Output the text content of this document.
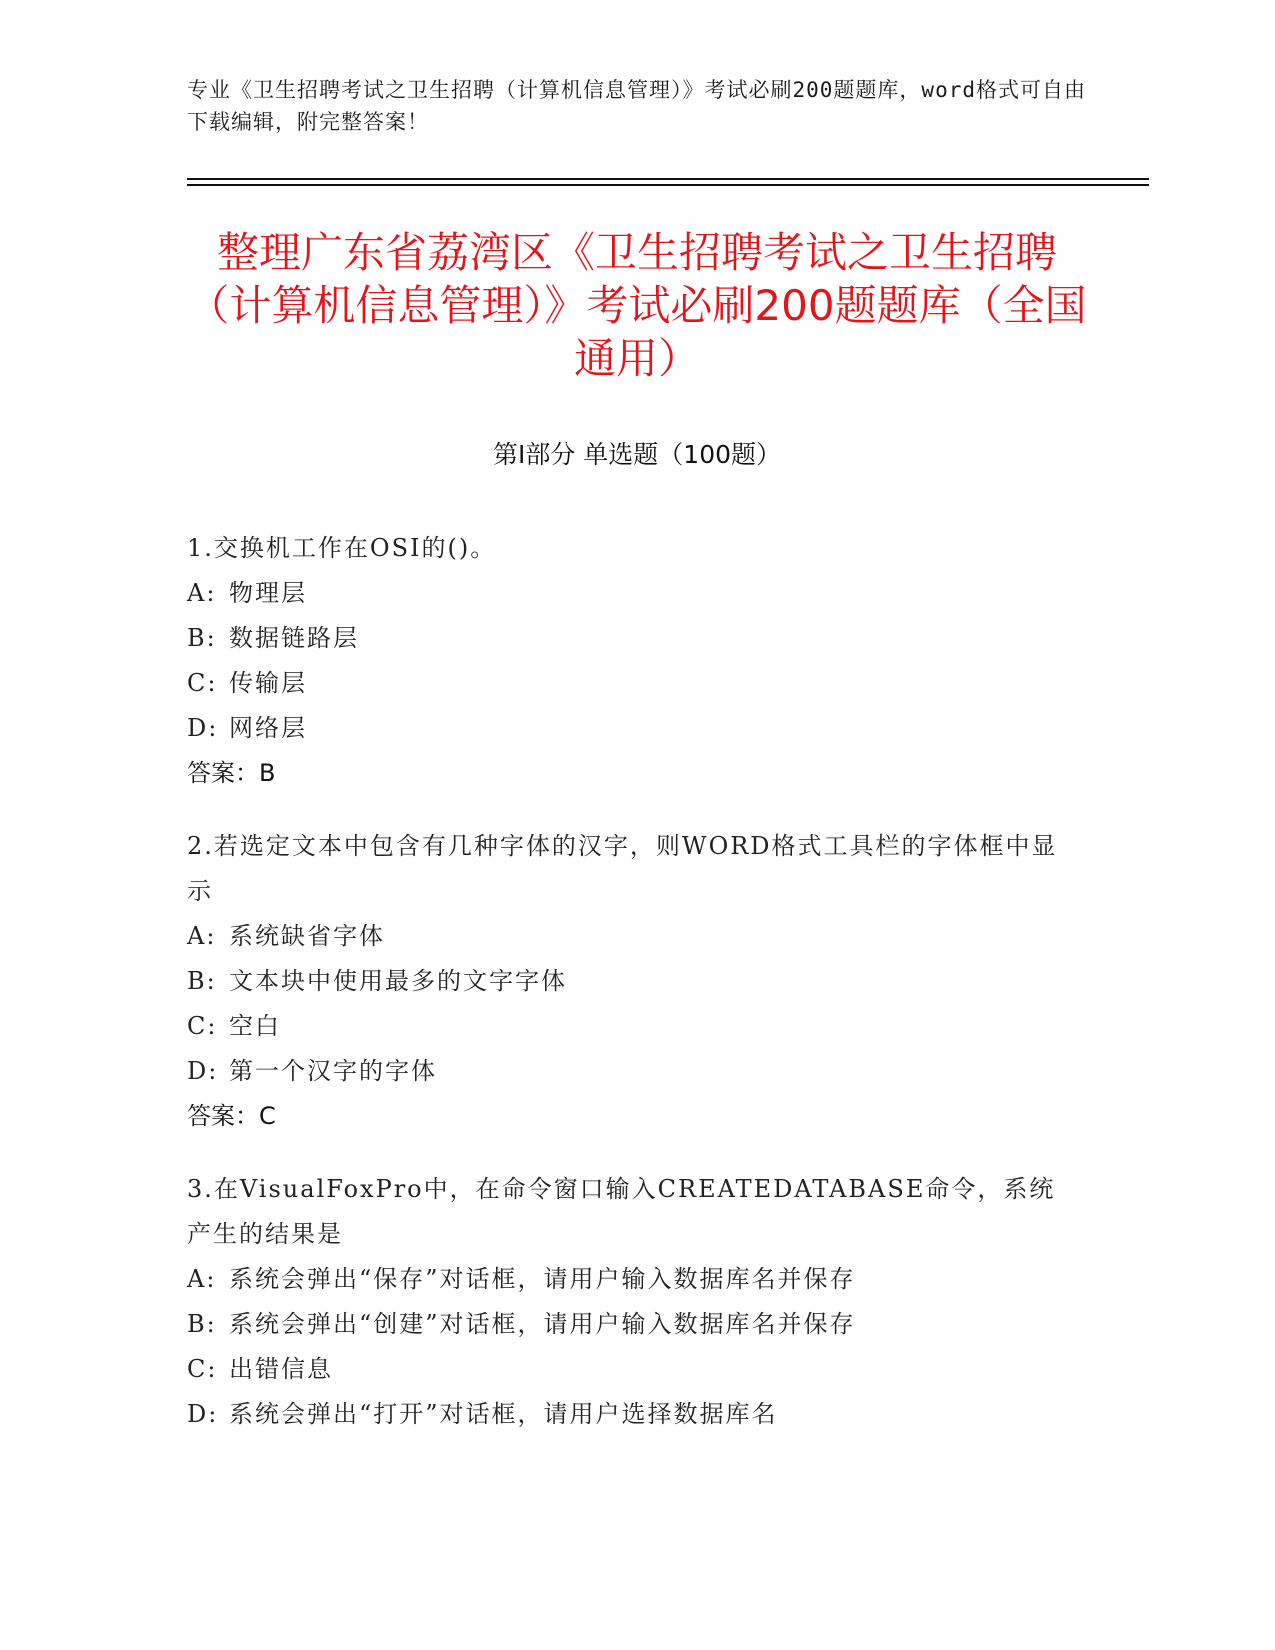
专业《卫生招聘考试之卫生招聘（计算机信息管理）》考试必刷200题题库，word格式可自由下载编辑，附完整答案！
整理广东省荔湾区《卫生招聘考试之卫生招聘（计算机信息管理）》考试必刷200题题库（全国通用）
第Ⅰ部分 单选题（100题）
1.交换机工作在OSI的()。
A: 物理层
B: 数据链路层
C: 传输层
D: 网络层
答案：B
2.若选定文本中包含有几种字体的汉字，则WORD格式工具栏的字体框中显示
A: 系统缺省字体
B: 文本块中使用最多的文字字体
C: 空白
D: 第一个汉字的字体
答案：C
3.在VisualFoxPro中，在命令窗口输入CREATEDATABASE命令，系统产生的结果是
A: 系统会弹出“保存”对话框，请用户输入数据库名并保存
B: 系统会弹出“创建”对话框，请用户输入数据库名并保存
C: 出错信息
D: 系统会弹出“打开”对话框，请用户选择数据库名
